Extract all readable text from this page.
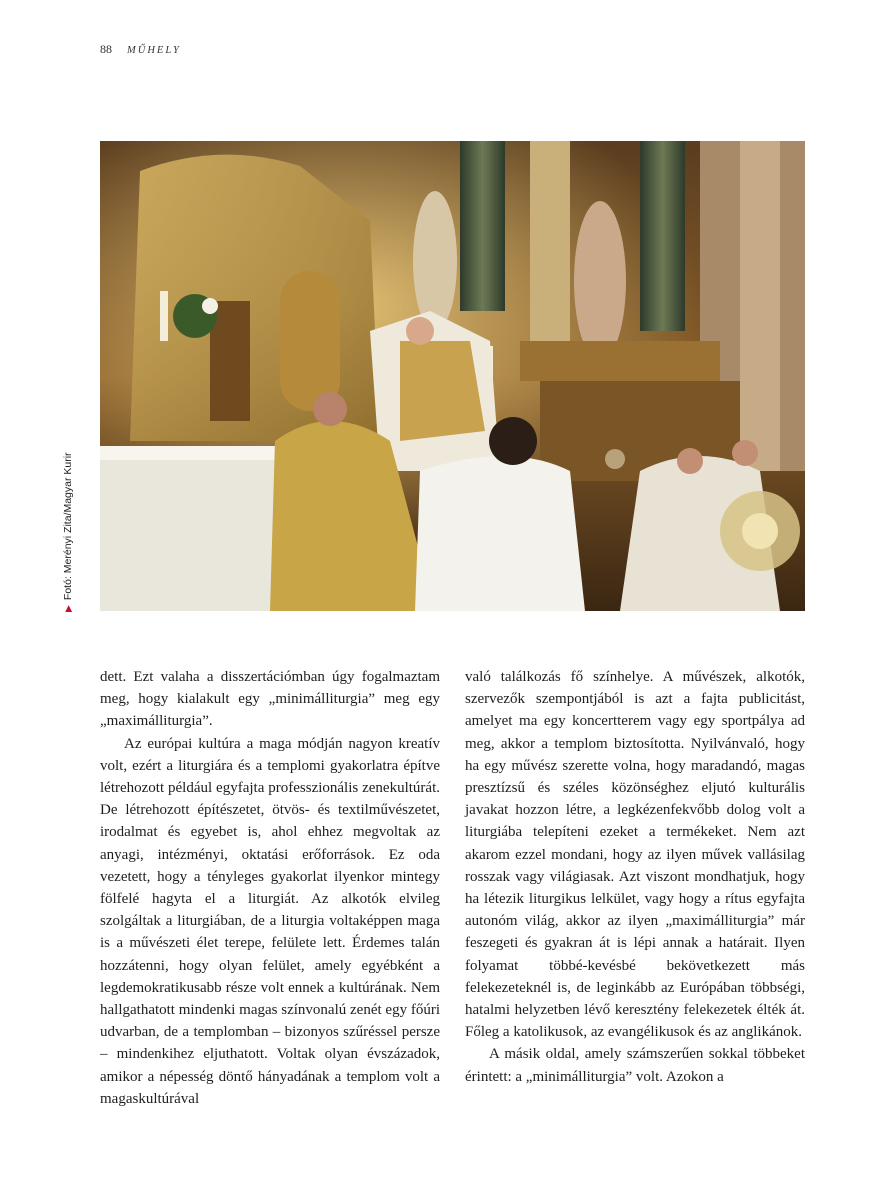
88 MŰHELY
▶Fotó: Merényi Zita/Magyar Kurir

dett. Ezt valaha a disszertációmban úgy fogalmaztam meg, hogy kialakult egy „minimálliturgia” meg egy „maximálliturgia”.

Az európai kultúra a maga módján nagyon kreatív volt, ezért a liturgiára és a templomi gyakorlatra építve létrehozott például egyfajta professzionális zenekultúrát. De létrehozott építészetet, ötvös- és textilművészetet, irodalmat és egyebet is, ahol ehhez megvoltak az anyagi, intézményi, oktatási erőforrások. Ez oda vezetett, hogy a tényleges gyakorlat ilyenkor mintegy fölfelé hagyta el a liturgiát. Az alkotók elvileg szolgáltak a liturgiában, de a liturgia voltaképpen maga is a művészeti élet terepe, felülete lett. Érdemes talán hozzátenni, hogy olyan felület, amely egyébként a legdemokratikusabb része volt ennek a kultúrának. Nem hallgathatott mindenki magas színvonalú zenét egy főúri udvarban, de a templomban – bizonyos szűréssel persze – mindenkihez eljuthatott. Voltak olyan évszázadok, amikor a népesség döntő hányadának a templom volt a magaskultúrával

való találkozás fő színhelye. A művészek, alkotók, szervezők szempontjából is azt a fajta publicitást, amelyet ma egy koncertterem vagy egy sportpálya ad meg, akkor a templom biztosította. Nyilvánvaló, hogy ha egy művész szerette volna, hogy maradandó, magas presztízsű és széles közönséghez eljutó kulturális javakat hozzon létre, a legkézenfekvőbb dolog volt a liturgiába telepíteni ezeket a termékeket. Nem azt akarom ezzel mondani, hogy az ilyen művek vallásilag rosszak vagy világiasak. Azt viszont mondhatjuk, hogy ha létezik liturgikus lelkület, vagy hogy a rítus egyfajta autonóm világ, akkor az ilyen „maximálliturgia” már feszegeti és gyakran át is lépi annak a határait. Ilyen folyamat többé-kevésbé bekövetkezett más felekezeteknél is, de leginkább az Európában többségi, hatalmi helyzetben lévő keresztény felekezetek élték át. Főleg a katolikusok, az evangélikusok és az anglikánok.

A másik oldal, amely számszerűen sokkal többeket érintett: a „minimálliturgia” volt. Azokon a
